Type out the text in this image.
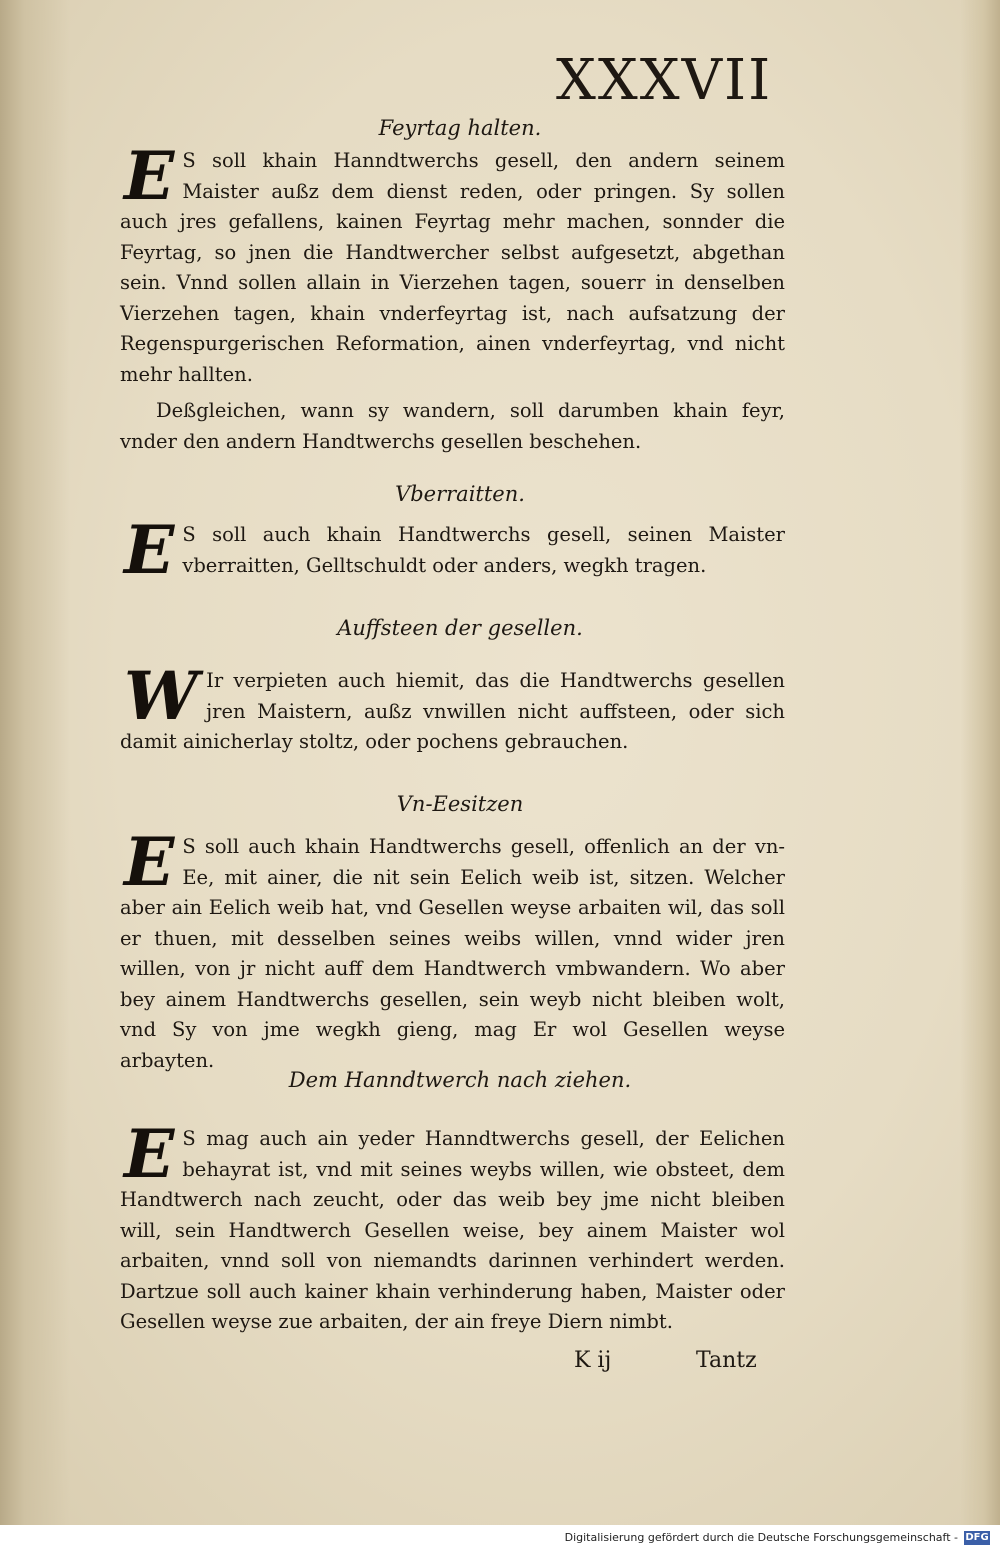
XXXVII
Feyrtag halten.
E S soll khain Hanndtwerchs gesell, den andern seinem Maister außz dem dienst reden, oder pringen. Sy sollen auch jres gefallens, kainen Feyrtag mehr machen, sonnder die Feyrtag, so jnen die Handtwercher selbst aufgesetzt, abgethan sein. Vnnd sollen allain in Vierzehen tagen, souerr in denselben Vierzehen tagen, khain vnderfeyrtag ist, nach aufsatzung der Regenspurgerischen Reformation, ainen vnderfeyrtag, vnd nicht mehr hallten.
Deßgleichen, wann sy wandern, soll darumben khain feyr, vnder den andern Handtwerchs gesellen beschehen.
Vberraitten.
E S soll auch khain Handtwerchs gesell, seinen Maister vberraitten, Gelltschuldt oder anders, wegkh tragen.
Auffsteen der gesellen.
W Ir verpieten auch hiemit, das die Handtwerchs gesellen jren Maistern, außz vnwillen nicht auffsteen, oder sich damit ainicherlay stoltz, oder pochens gebrauchen.
Vn-Eesitzen
E S soll auch khain Handtwerchs gesell, offenlich an der vn-Ee, mit ainer, die nit sein Eelich weib ist, sitzen. Welcher aber ain Eelich weib hat, vnd Gesellen weyse arbaiten wil, das soll er thuen, mit desselben seines weibs willen, vnnd wider jren willen, von jr nicht auff dem Handtwerch vmbwandern. Wo aber bey ainem Handtwerchs gesellen, sein weyb nicht bleiben wolt, vnd Sy von jme wegkh gieng, mag Er wol Gesellen weyse arbayten.
Dem Hanndtwerch nach ziehen.
E S mag auch ain yeder Hanndtwerchs gesell, der Eelichen behayrat ist, vnd mit seines weybs willen, wie obsteet, dem Handtwerch nach zeucht, oder das weib bey jme nicht bleiben will, sein Handtwerch Gesellen weise, bey ainem Maister wol arbaiten, vnnd soll von niemandts darinnen verhindert werden. Dartzue soll auch kainer khain verhinderung haben, Maister oder Gesellen weyse zue arbaiten, der ain freye Diern nimbt.
K ij	Tantz
Digitalisierung gefördert durch die Deutsche Forschungsgemeinschaft - DFG
